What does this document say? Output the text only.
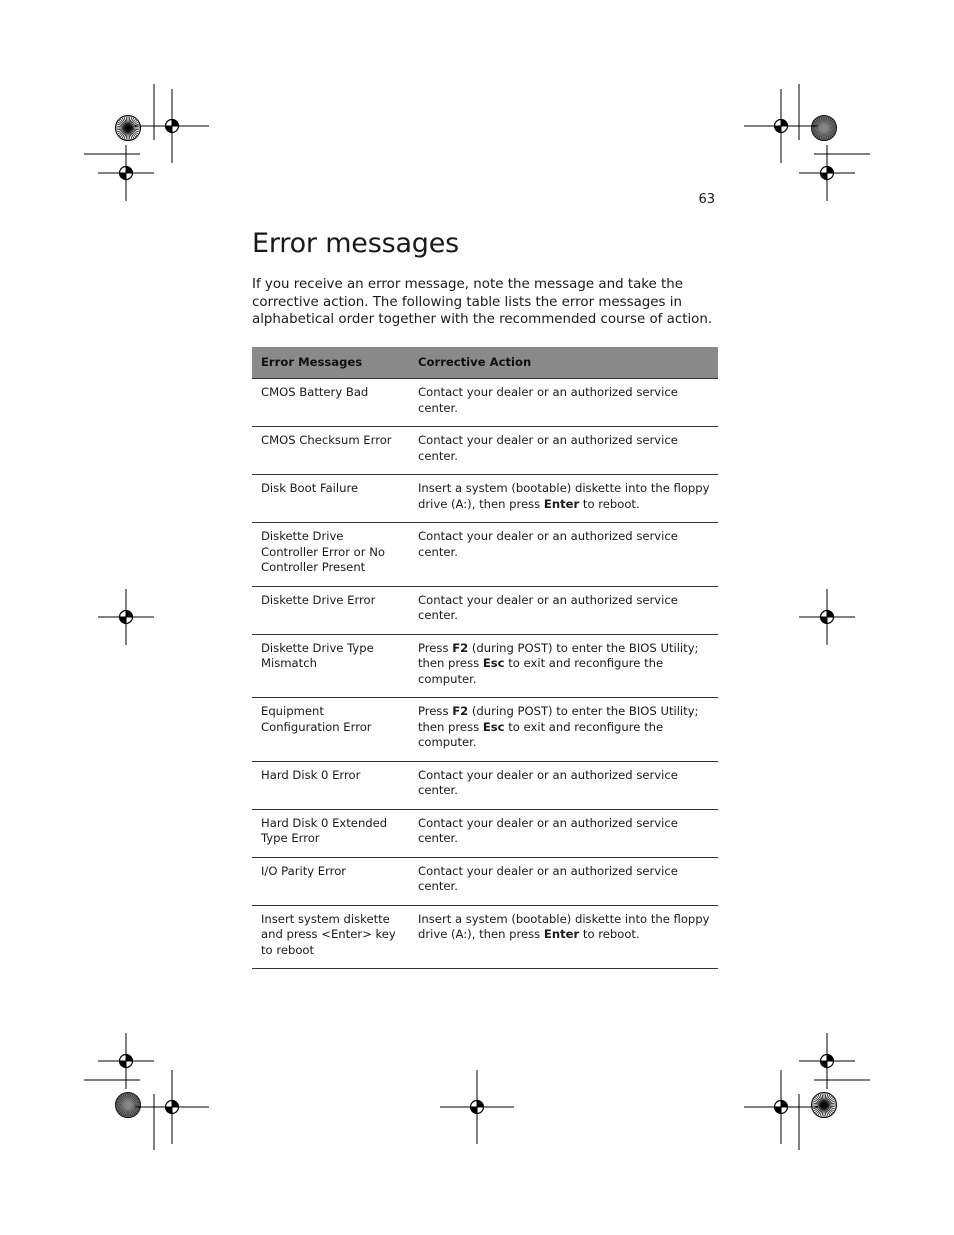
63
Error messages

If you receive an error message, note the message and take the
corrective action. The following table lists the error messages in
alphabetical order together with the recommended course of action.

Error Messages	Corrective Action

CMOS Battery Bad	Contact your dealer or an authorized service
center.

CMOS Checksum Error	Contact your dealer or an authorized service
center.

Disk Boot Failure	Insert a system (bootable) diskette into the floppy
drive (A:), then press Enter to reboot.

Diskette Drive
Controller Error or No
Controller Present	Contact your dealer or an authorized service
center.

Diskette Drive Error	Contact your dealer or an authorized service
center.

Diskette Drive Type
Mismatch	Press F2 (during POST) to enter the BIOS Utility;
then press Esc to exit and reconfigure the
computer.

Equipment
Configuration Error	Press F2 (during POST) to enter the BIOS Utility;
then press Esc to exit and reconfigure the
computer.

Hard Disk 0 Error	Contact your dealer or an authorized service
center.

Hard Disk 0 Extended
Type Error	Contact your dealer or an authorized service
center.

I/O Parity Error	Contact your dealer or an authorized service
center.

Insert system diskette
and press <Enter> key
to reboot	Insert a system (bootable) diskette into the floppy
drive (A:), then press Enter to reboot.
